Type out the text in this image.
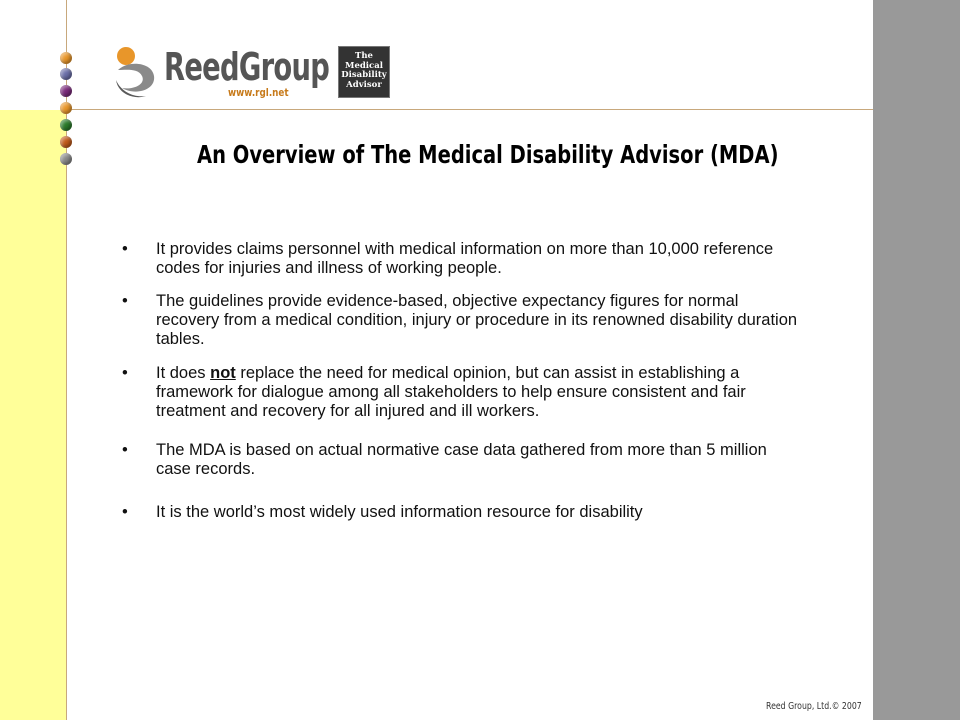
ReedGroup
www.rgl.net
The
Medical
Disability
Advisor
An Overview of The Medical Disability Advisor (MDA)
• It provides claims personnel with medical information on more than 10,000 reference codes for injuries and illness of working people.
• The guidelines provide evidence-based, objective expectancy figures for normal recovery from a medical condition, injury or procedure in its renowned disability duration tables.
• It does not replace the need for medical opinion, but can assist in establishing a framework for dialogue among all stakeholders to help ensure consistent and fair treatment and recovery for all injured and ill workers.
• The MDA is based on actual normative case data gathered from more than 5 million case records.
• It is the world’s most widely used information resource for disability
Reed Group, Ltd.© 2007
